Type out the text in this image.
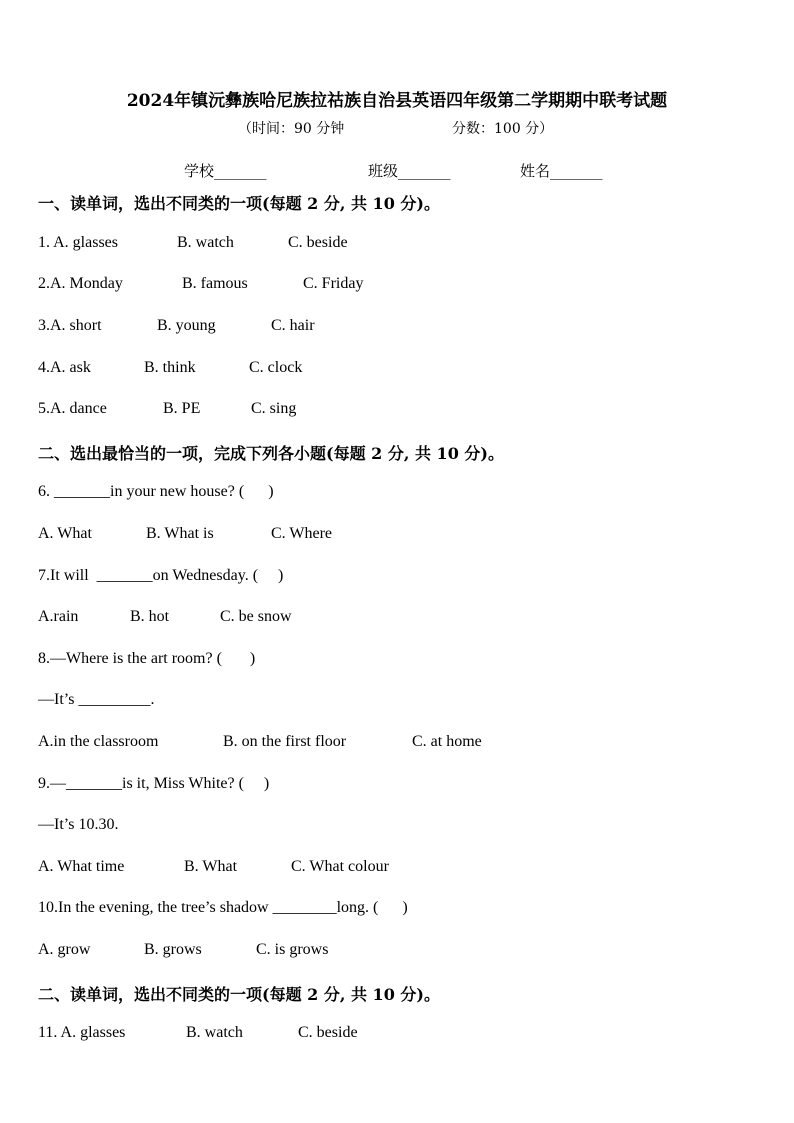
2024年镇沅彝族哈尼族拉祜族自治县英语四年级第二学期期中联考试题
（时间：90 分钟	分数：100 分）
学校_______	班级_______	姓名_______
一、读单词，选出不同类的一项(每题 2 分, 共 10 分)。
1. A. glasses	B. watch	C. beside
2.A. Monday	B. famous	C. Friday
3.A. short	B. young	C. hair
4.A. ask	B. think	C. clock
5.A. dance	B. PE	C. sing
二、选出最恰当的一项，完成下列各小题(每题 2 分, 共 10 分)。
6. _______in your new house? (      )
A. What	B. What is	C. Where
7.It will  _______on Wednesday. (     )
A.rain	B. hot	C. be snow
8.—Where is the art room? (       )
—It’s _________.
A.in the classroom	B. on the first floor	C. at home
9.—_______is it, Miss White? (     )
—It’s 10.30.
A. What time	B. What	C. What colour
10.In the evening, the tree’s shadow ________long. (      )
A. grow	B. grows	C. is grows
二、读单词，选出不同类的一项(每题 2 分, 共 10 分)。
11. A. glasses	B. watch	C. beside
